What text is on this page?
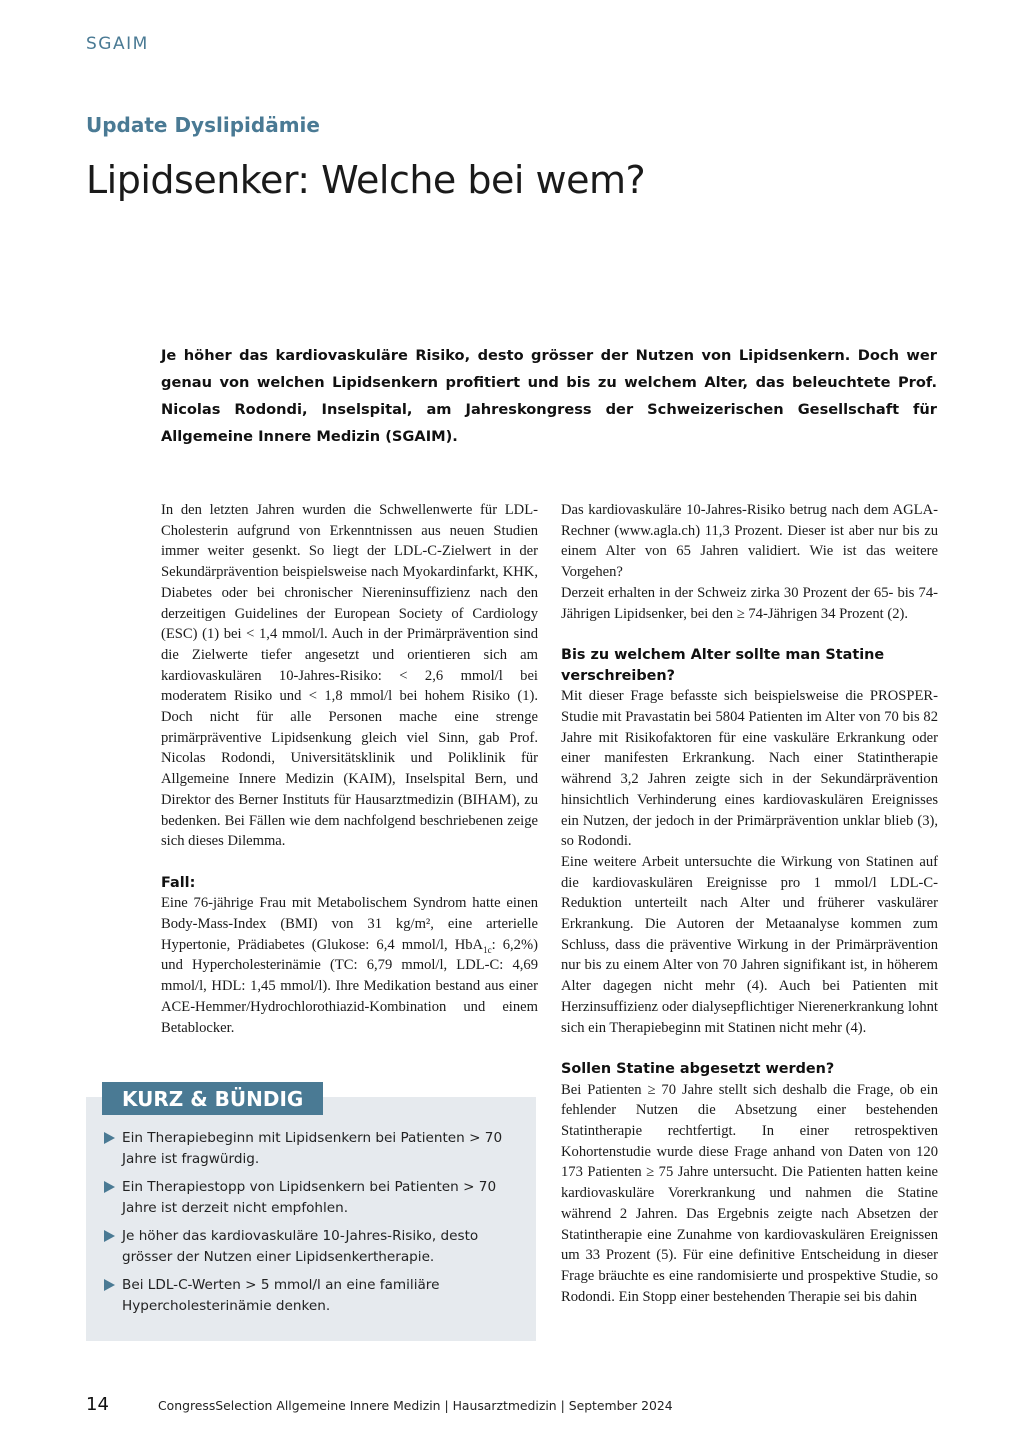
SGAIM
Update Dyslipidämie
Lipidsenker: Welche bei wem?

Je höher das kardiovaskuläre Risiko, desto grösser der Nutzen von Lipidsenkern. Doch wer genau von welchen Lipidsenkern profitiert und bis zu welchem Alter, das beleuchtete Prof. Nicolas Rodondi, Inselspital, am Jahreskongress der Schweizerischen Gesellschaft für Allgemeine Innere Medizin (SGAIM).

In den letzten Jahren wurden die Schwellenwerte für LDL-Cholesterin aufgrund von Erkenntnissen aus neuen Studien immer weiter gesenkt. So liegt der LDL-C-Zielwert in der Sekundärprävention beispielsweise nach Myokardinfarkt, KHK, Diabetes oder bei chronischer Niereninsuffizienz nach den derzeitigen Guidelines der European Society of Cardiology (ESC) (1) bei < 1,4 mmol/l. Auch in der Primärprävention sind die Zielwerte tiefer angesetzt und orientieren sich am kardiovaskulären 10-Jahres-Risiko: < 2,6 mmol/l bei moderatem Risiko und < 1,8 mmol/l bei hohem Risiko (1). Doch nicht für alle Personen mache eine strenge primärpräventive Lipidsenkung gleich viel Sinn, gab Prof. Nicolas Rodondi, Universitätsklinik und Poliklinik für Allgemeine Innere Medizin (KAIM), Inselspital Bern, und Direktor des Berner Instituts für Hausarztmedizin (BIHAM), zu bedenken. Bei Fällen wie dem nachfolgend beschriebenen zeige sich dieses Dilemma.

Fall:

Eine 76-jährige Frau mit Metabolischem Syndrom hatte einen Body-Mass-Index (BMI) von 31 kg/m², eine arterielle Hypertonie, Prädiabetes (Glukose: 6,4 mmol/l, HbA$_{1c}$: 6,2%) und Hypercholesterinämie (TC: 6,79 mmol/l, LDL-C: 4,69 mmol/l, HDL: 1,45 mmol/l). Ihre Medikation bestand aus einer ACE-Hemmer/Hydrochlorothiazid-Kombination und einem Betablocker.

Das kardiovaskuläre 10-Jahres-Risiko betrug nach dem AGLA-Rechner (www.agla.ch) 11,3 Prozent. Dieser ist aber nur bis zu einem Alter von 65 Jahren validiert. Wie ist das weitere Vorgehen?

Derzeit erhalten in der Schweiz zirka 30 Prozent der 65- bis 74-Jährigen Lipidsenker, bei den ≥ 74-Jährigen 34 Prozent (2).

Bis zu welchem Alter sollte man Statine verschreiben?

Mit dieser Frage befasste sich beispielsweise die PROSPER-Studie mit Pravastatin bei 5804 Patienten im Alter von 70 bis 82 Jahre mit Risikofaktoren für eine vaskuläre Erkrankung oder einer manifesten Erkrankung. Nach einer Statintherapie während 3,2 Jahren zeigte sich in der Sekundärprävention hinsichtlich Verhinderung eines kardiovaskulären Ereignisses ein Nutzen, der jedoch in der Primärprävention unklar blieb (3), so Rodondi.

Eine weitere Arbeit untersuchte die Wirkung von Statinen auf die kardiovaskulären Ereignisse pro 1 mmol/l LDL-C-Reduktion unterteilt nach Alter und früherer vaskulärer Erkrankung. Die Autoren der Metaanalyse kommen zum Schluss, dass die präventive Wirkung in der Primärprävention nur bis zu einem Alter von 70 Jahren signifikant ist, in höherem Alter dagegen nicht mehr (4). Auch bei Patienten mit Herzinsuffizienz oder dialysepflichtiger Nierenerkrankung lohnt sich ein Therapiebeginn mit Statinen nicht mehr (4).

Sollen Statine abgesetzt werden?

Bei Patienten ≥ 70 Jahre stellt sich deshalb die Frage, ob ein fehlender Nutzen die Absetzung einer bestehenden Statintherapie rechtfertigt. In einer retrospektiven Kohortenstudie wurde diese Frage anhand von Daten von 120 173 Patienten ≥ 75 Jahre untersucht. Die Patienten hatten keine kardiovaskuläre Vorerkrankung und nahmen die Statine während 2 Jahren. Das Ergebnis zeigte nach Absetzen der Statintherapie eine Zunahme von kardiovaskulären Ereignissen um 33 Prozent (5). Für eine definitive Entscheidung in dieser Frage bräuchte es eine randomisierte und prospektive Studie, so Rodondi. Ein Stopp einer bestehenden Therapie sei bis dahin

KURZ & BÜNDIG
Ein Therapiebeginn mit Lipidsenkern bei Patienten > 70 Jahre ist fragwürdig.
Ein Therapiestopp von Lipidsenkern bei Patienten > 70 Jahre ist derzeit nicht empfohlen.
Je höher das kardiovaskuläre 10-Jahres-Risiko, desto grösser der Nutzen einer Lipidsenkertherapie.
Bei LDL-C-Werten > 5 mmol/l an eine familiäre Hypercholesterinämie denken.
14	CongressSelection Allgemeine Innere Medizin | Hausarztmedizin | September 2024
